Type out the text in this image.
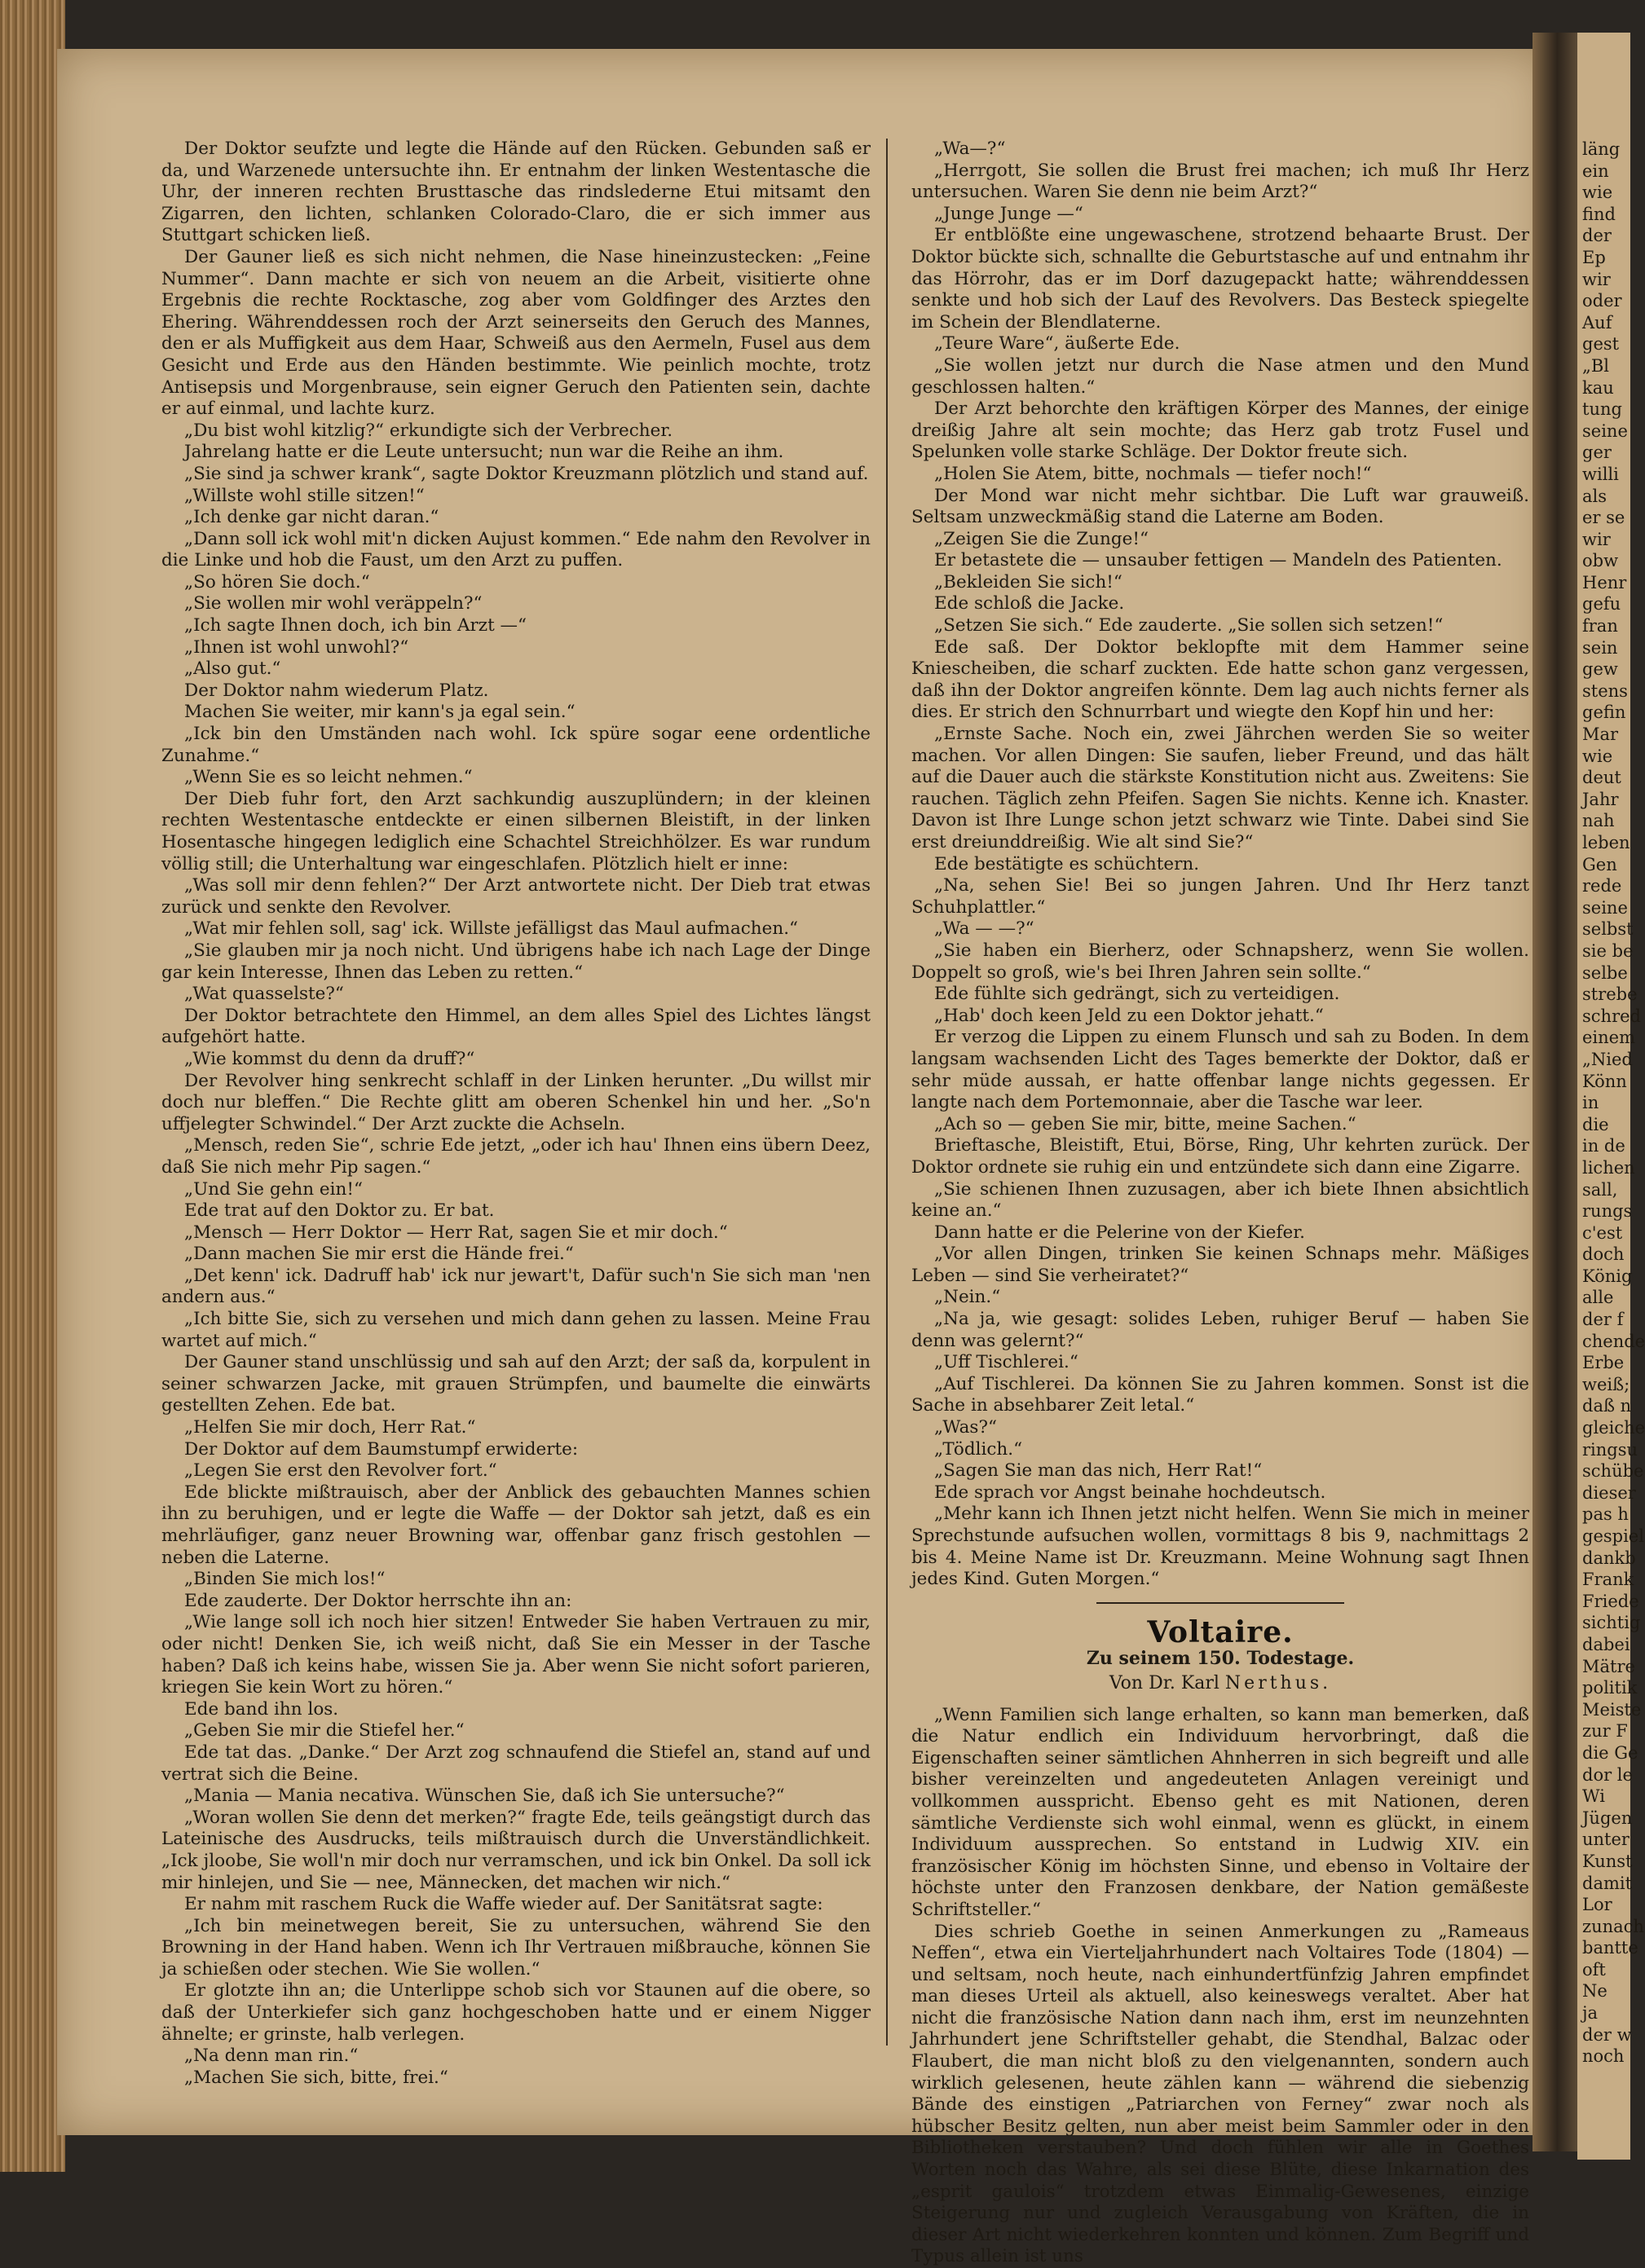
Der Doktor seufzte und legte die Hände auf den Rücken. Gebunden saß er da, und Warzenede untersuchte ihn. Er entnahm der linken Westentasche die Uhr, der inneren rechten Brusttasche das rindslederne Etui mitsamt den Zigarren, den lichten, schlanken Colorado-Claro, die er sich immer aus Stuttgart schicken ließ.

Der Gauner ließ es sich nicht nehmen, die Nase hineinzustecken: „Feine Nummer“. Dann machte er sich von neuem an die Arbeit, visitierte ohne Ergebnis die rechte Rocktasche, zog aber vom Goldfinger des Arztes den Ehering. Währenddessen roch der Arzt seinerseits den Geruch des Mannes, den er als Muffigkeit aus dem Haar, Schweiß aus den Aermeln, Fusel aus dem Gesicht und Erde aus den Händen bestimmte. Wie peinlich mochte, trotz Antisepsis und Morgenbrause, sein eigner Geruch den Patienten sein, dachte er auf einmal, und lachte kurz.

„Du bist wohl kitzlig?“ erkundigte sich der Verbrecher.

Jahrelang hatte er die Leute untersucht; nun war die Reihe an ihm.

„Sie sind ja schwer krank“, sagte Doktor Kreuzmann plötzlich und stand auf.

„Willste wohl stille sitzen!“

„Ich denke gar nicht daran.“

„Dann soll ick wohl mit'n dicken Aujust kommen.“ Ede nahm den Revolver in die Linke und hob die Faust, um den Arzt zu puffen.

„So hören Sie doch.“

„Sie wollen mir wohl veräppeln?“

„Ich sagte Ihnen doch, ich bin Arzt —“

„Ihnen ist wohl unwohl?“

„Also gut.“

Der Doktor nahm wiederum Platz.

Machen Sie weiter, mir kann's ja egal sein.“

„Ick bin den Umständen nach wohl. Ick spüre sogar eene ordentliche Zunahme.“

„Wenn Sie es so leicht nehmen.“

Der Dieb fuhr fort, den Arzt sachkundig auszuplündern; in der kleinen rechten Westentasche entdeckte er einen silbernen Bleistift, in der linken Hosentasche hingegen lediglich eine Schachtel Streichhölzer. Es war rundum völlig still; die Unterhaltung war eingeschlafen. Plötzlich hielt er inne:

„Was soll mir denn fehlen?“ Der Arzt antwortete nicht. Der Dieb trat etwas zurück und senkte den Revolver.

„Wat mir fehlen soll, sag' ick. Willste jefälligst das Maul aufmachen.“

„Sie glauben mir ja noch nicht. Und übrigens habe ich nach Lage der Dinge gar kein Interesse, Ihnen das Leben zu retten.“

„Wat quasselste?“

Der Doktor betrachtete den Himmel, an dem alles Spiel des Lichtes längst aufgehört hatte.

„Wie kommst du denn da druff?“

Der Revolver hing senkrecht schlaff in der Linken herunter. „Du willst mir doch nur bleffen.“ Die Rechte glitt am oberen Schenkel hin und her. „So'n uffjelegter Schwindel.“ Der Arzt zuckte die Achseln.

„Mensch, reden Sie“, schrie Ede jetzt, „oder ich hau' Ihnen eins übern Deez, daß Sie nich mehr Pip sagen.“

„Und Sie gehn ein!“

Ede trat auf den Doktor zu. Er bat.

„Mensch — Herr Doktor — Herr Rat, sagen Sie et mir doch.“

„Dann machen Sie mir erst die Hände frei.“

„Det kenn' ick. Dadruff hab' ick nur jewart't, Dafür such'n Sie sich man 'nen andern aus.“

„Ich bitte Sie, sich zu versehen und mich dann gehen zu lassen. Meine Frau wartet auf mich.“

Der Gauner stand unschlüssig und sah auf den Arzt; der saß da, korpulent in seiner schwarzen Jacke, mit grauen Strümpfen, und baumelte die einwärts gestellten Zehen. Ede bat.

„Helfen Sie mir doch, Herr Rat.“

Der Doktor auf dem Baumstumpf erwiderte:

„Legen Sie erst den Revolver fort.“

Ede blickte mißtrauisch, aber der Anblick des gebauchten Mannes schien ihn zu beruhigen, und er legte die Waffe — der Doktor sah jetzt, daß es ein mehrläufiger, ganz neuer Browning war, offenbar ganz frisch gestohlen — neben die Laterne.

„Binden Sie mich los!“

Ede zauderte. Der Doktor herrschte ihn an:

„Wie lange soll ich noch hier sitzen! Entweder Sie haben Vertrauen zu mir, oder nicht! Denken Sie, ich weiß nicht, daß Sie ein Messer in der Tasche haben? Daß ich keins habe, wissen Sie ja. Aber wenn Sie nicht sofort parieren, kriegen Sie kein Wort zu hören.“

Ede band ihn los.

„Geben Sie mir die Stiefel her.“

Ede tat das. „Danke.“ Der Arzt zog schnaufend die Stiefel an, stand auf und vertrat sich die Beine.

„Mania — Mania necativa. Wünschen Sie, daß ich Sie untersuche?“

„Woran wollen Sie denn det merken?“ fragte Ede, teils geängstigt durch das Lateinische des Ausdrucks, teils mißtrauisch durch die Unverständlichkeit. „Ick jloobe, Sie woll'n mir doch nur verramschen, und ick bin Onkel. Da soll ick mir hinlejen, und Sie — nee, Männecken, det machen wir nich.“

Er nahm mit raschem Ruck die Waffe wieder auf. Der Sanitätsrat sagte:

„Ich bin meinetwegen bereit, Sie zu untersuchen, während Sie den Browning in der Hand haben. Wenn ich Ihr Vertrauen mißbrauche, können Sie ja schießen oder stechen. Wie Sie wollen.“

Er glotzte ihn an; die Unterlippe schob sich vor Staunen auf die obere, so daß der Unterkiefer sich ganz hochgeschoben hatte und er einem Nigger ähnelte; er grinste, halb verlegen.

„Na denn man rin.“

„Machen Sie sich, bitte, frei.“

„Wa—?“

„Herrgott, Sie sollen die Brust frei machen; ich muß Ihr Herz untersuchen. Waren Sie denn nie beim Arzt?“

„Junge Junge —“

Er entblößte eine ungewaschene, strotzend behaarte Brust. Der Doktor bückte sich, schnallte die Geburtstasche auf und entnahm ihr das Hörrohr, das er im Dorf dazugepackt hatte; währenddessen senkte und hob sich der Lauf des Revolvers. Das Besteck spiegelte im Schein der Blendlaterne.

„Teure Ware“, äußerte Ede.

„Sie wollen jetzt nur durch die Nase atmen und den Mund geschlossen halten.“

Der Arzt behorchte den kräftigen Körper des Mannes, der einige dreißig Jahre alt sein mochte; das Herz gab trotz Fusel und Spelunken volle starke Schläge. Der Doktor freute sich.

„Holen Sie Atem, bitte, nochmals — tiefer noch!“

Der Mond war nicht mehr sichtbar. Die Luft war grauweiß. Seltsam unzweckmäßig stand die Laterne am Boden.

„Zeigen Sie die Zunge!“

Er betastete die — unsauber fettigen — Mandeln des Patienten.

„Bekleiden Sie sich!“

Ede schloß die Jacke.

„Setzen Sie sich.“ Ede zauderte. „Sie sollen sich setzen!“

Ede saß. Der Doktor beklopfte mit dem Hammer seine Kniescheiben, die scharf zuckten. Ede hatte schon ganz vergessen, daß ihn der Doktor angreifen könnte. Dem lag auch nichts ferner als dies. Er strich den Schnurrbart und wiegte den Kopf hin und her:

„Ernste Sache. Noch ein, zwei Jährchen werden Sie so weiter machen. Vor allen Dingen: Sie saufen, lieber Freund, und das hält auf die Dauer auch die stärkste Konstitution nicht aus. Zweitens: Sie rauchen. Täglich zehn Pfeifen. Sagen Sie nichts. Kenne ich. Knaster. Davon ist Ihre Lunge schon jetzt schwarz wie Tinte. Dabei sind Sie erst dreiunddreißig. Wie alt sind Sie?“

Ede bestätigte es schüchtern.

„Na, sehen Sie! Bei so jungen Jahren. Und Ihr Herz tanzt Schuhplattler.“

„Wa — —?“

„Sie haben ein Bierherz, oder Schnapsherz, wenn Sie wollen. Doppelt so groß, wie's bei Ihren Jahren sein sollte.“

Ede fühlte sich gedrängt, sich zu verteidigen.

„Hab' doch keen Jeld zu een Doktor jehatt.“

Er verzog die Lippen zu einem Flunsch und sah zu Boden. In dem langsam wachsenden Licht des Tages bemerkte der Doktor, daß er sehr müde aussah, er hatte offenbar lange nichts gegessen. Er langte nach dem Portemonnaie, aber die Tasche war leer.

„Ach so — geben Sie mir, bitte, meine Sachen.“

Brieftasche, Bleistift, Etui, Börse, Ring, Uhr kehrten zurück. Der Doktor ordnete sie ruhig ein und entzündete sich dann eine Zigarre.

„Sie schienen Ihnen zuzusagen, aber ich biete Ihnen absichtlich keine an.“

Dann hatte er die Pelerine von der Kiefer.

„Vor allen Dingen, trinken Sie keinen Schnaps mehr. Mäßiges Leben — sind Sie verheiratet?“

„Nein.“

„Na ja, wie gesagt: solides Leben, ruhiger Beruf — haben Sie denn was gelernt?“

„Uff Tischlerei.“

„Auf Tischlerei. Da können Sie zu Jahren kommen. Sonst ist die Sache in absehbarer Zeit letal.“

„Was?“

„Tödlich.“

„Sagen Sie man das nich, Herr Rat!“

Ede sprach vor Angst beinahe hochdeutsch.

„Mehr kann ich Ihnen jetzt nicht helfen. Wenn Sie mich in meiner Sprechstunde aufsuchen wollen, vormittags 8 bis 9, nachmittags 2 bis 4. Meine Name ist Dr. Kreuzmann. Meine Wohnung sagt Ihnen jedes Kind. Guten Morgen.“

Voltaire.
Zu seinem 150. Todestage.
Von Dr. Karl Nerthus.

„Wenn Familien sich lange erhalten, so kann man bemerken, daß die Natur endlich ein Individuum hervorbringt, daß die Eigenschaften seiner sämtlichen Ahnherren in sich begreift und alle bisher vereinzelten und angedeuteten Anlagen vereinigt und vollkommen ausspricht. Ebenso geht es mit Nationen, deren sämtliche Verdienste sich wohl einmal, wenn es glückt, in einem Individuum aussprechen. So entstand in Ludwig XIV. ein französischer König im höchsten Sinne, und ebenso in Voltaire der höchste unter den Franzosen denkbare, der Nation gemäßeste Schriftsteller.“

Dies schrieb Goethe in seinen Anmerkungen zu „Rameaus Neffen“, etwa ein Vierteljahrhundert nach Voltaires Tode (1804) — und seltsam, noch heute, nach einhundertfünfzig Jahren empfindet man dieses Urteil als aktuell, also keineswegs veraltet. Aber hat nicht die französische Nation dann nach ihm, erst im neunzehnten Jahrhundert jene Schriftsteller gehabt, die Stendhal, Balzac oder Flaubert, die man nicht bloß zu den vielgenannten, sondern auch wirklich gelesenen, heute zählen kann — während die siebenzig Bände des einstigen „Patriarchen von Ferney“ zwar noch als hübscher Besitz gelten, nun aber meist beim Sammler oder in den Bibliotheken verstauben? Und doch fühlen wir alle in Goethes Worten noch das Wahre, als sei diese Blüte, diese Inkarnation des „esprit gaulois“ trotzdem etwas Einmalig-Gewesenes, einzige Steigerung nur und zugleich Verausgabung von Kräften, die in dieser Art nicht wiederkehren konnten und können. Zum Begriff und Typus allein ist uns

läng
ein
wie
find
der
Ep
wir
oder
Auf
gest
„Bl
kau
tung
seine
ger
willi
als
er se
wir
obw
Henr
gefu
fran
sein
gew
stens
gefin
Mar
wie
deut
Jahr
nah
leben
Gen
rede
seine
selbst
sie be
selbe
strebe
schred
einem
„Nied
Könn
in
die
in de
lichen
sall,
rungs
c'est
doch
König
alle
der f
chende
Erbe
weiß;
daß n
gleiche
ringsu
schübe
dieser
pas h
gespiel
dankb
Frank
Friede
sichtig
dabei
Mätre
politik
Meiste
zur F
die Ge
dor le
Wi
Jügen
unter
Kunst
damit
Lor
zunach
bantte
oft
Ne
ja
der w
noch
